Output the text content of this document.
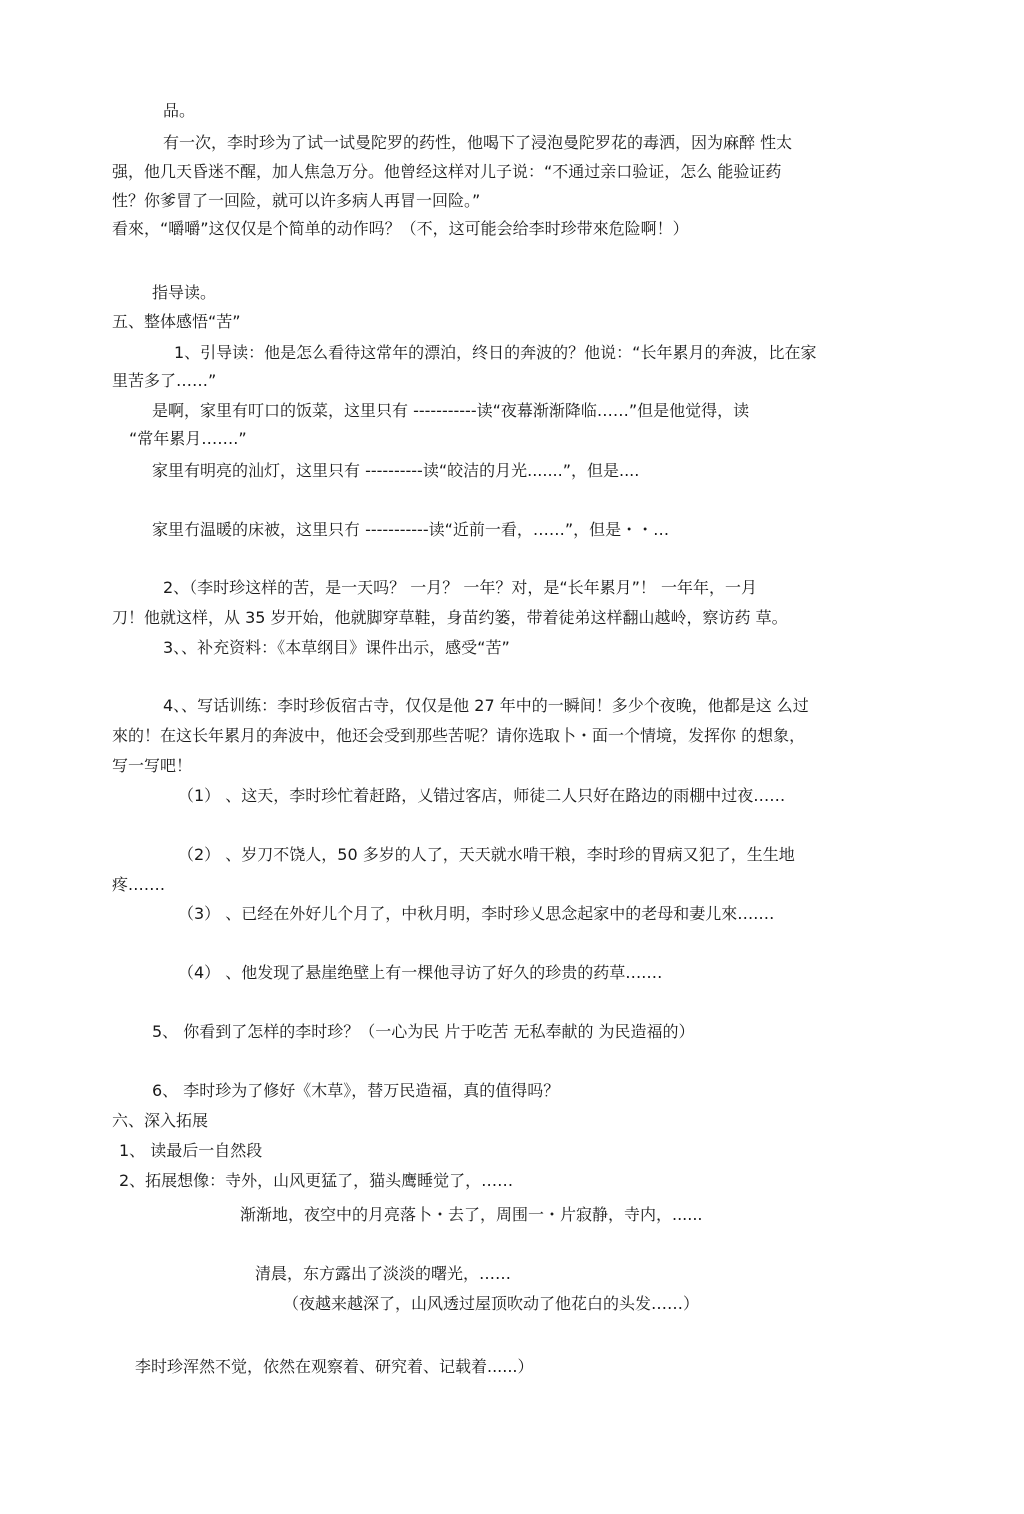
品。
有一次，李时珍为了试一试曼陀罗的药性，他喝下了浸泡曼陀罗花的毒洒，因为麻醉 性太
强，他几天昏迷不醒，加人焦急万分。他曾经这样对儿子说：“不通过亲口验证，怎么 能验证药
性？你爹冒了一回险，就可以许多病人再冒一回险。”
看來，“嚼嚼”这仅仅是个简单的动作吗？（不，这可能会给李时珍带來危险啊！）
指导读。
五、整体感悟“苦”
1、引导读：他是怎么看待这常年的漂泊，终日的奔波的？他说：“长年累月的奔波，比在家
里苦多了……”
是啊，家里有叮口的饭菜，这里只有 -----------读“夜幕渐渐降临……”但是他觉得，读
“常年累月…….”
家里有明亮的汕灯，这里只有 ----------读“皎洁的月光.......”，但是....
家里冇温暖的床被，这里只冇 -----------读“近前一看，……”，但是・・…
2、（李时珍这样的苦，是一天吗？ 一月？ 一年？对，是“长年累月”！ 一年年，一月
刀！他就这样，从 35 岁开始，他就脚穿草鞋，身苗约篓，带着徒弟这样翻山越岭，察访药 草。
3、、补充资料：《本草纲目》课件出示，感受“苦”
4、、写话训练：李时珍仮宿古寺，仅仅是他 27 年中的一瞬间！多少个夜晚，他都是这 么过
來的！在这长年累月的奔波中，他还会受到那些苦呢？请你选取卜・面一个情境，发挥你 的想象，
写一写吧！
（1） 、这天，李时珍忙着赶路，乂错过客店，师徒二人只好在路边的雨棚中过夜……
（2） 、岁刀不饶人，50 多岁的人了，天天就水啃干粮，李时珍的胃病又犯了，生生地
疼.……
（3） 、已经在外好儿个月了，中秋月明，李时珍乂思念起家中的老母和妻儿來….…
（4） 、他发现了悬崖绝壁上有一棵他寻访了好久的珍贵的药草….…
5、 你看到了怎样的李时珍？（一心为民 片于吃苦 无私奉献的 为民造福的）
6、 李时珍为了修好《木草》，替万民造福，真的值得吗？
六、深入拓展
1、 读最后一自然段
2、拓展想像：寺外，山风更猛了，猫头鹰睡觉了，……
渐渐地，夜空中的月亮落卜・去了，周围一・片寂静，寺内，......
清晨，东方露出了淡淡的曙光，……
（夜越来越深了，山风透过屋顶吹动了他花白的头发……）
李时珍浑然不觉，依然在观察着、研究着、记载着......）
